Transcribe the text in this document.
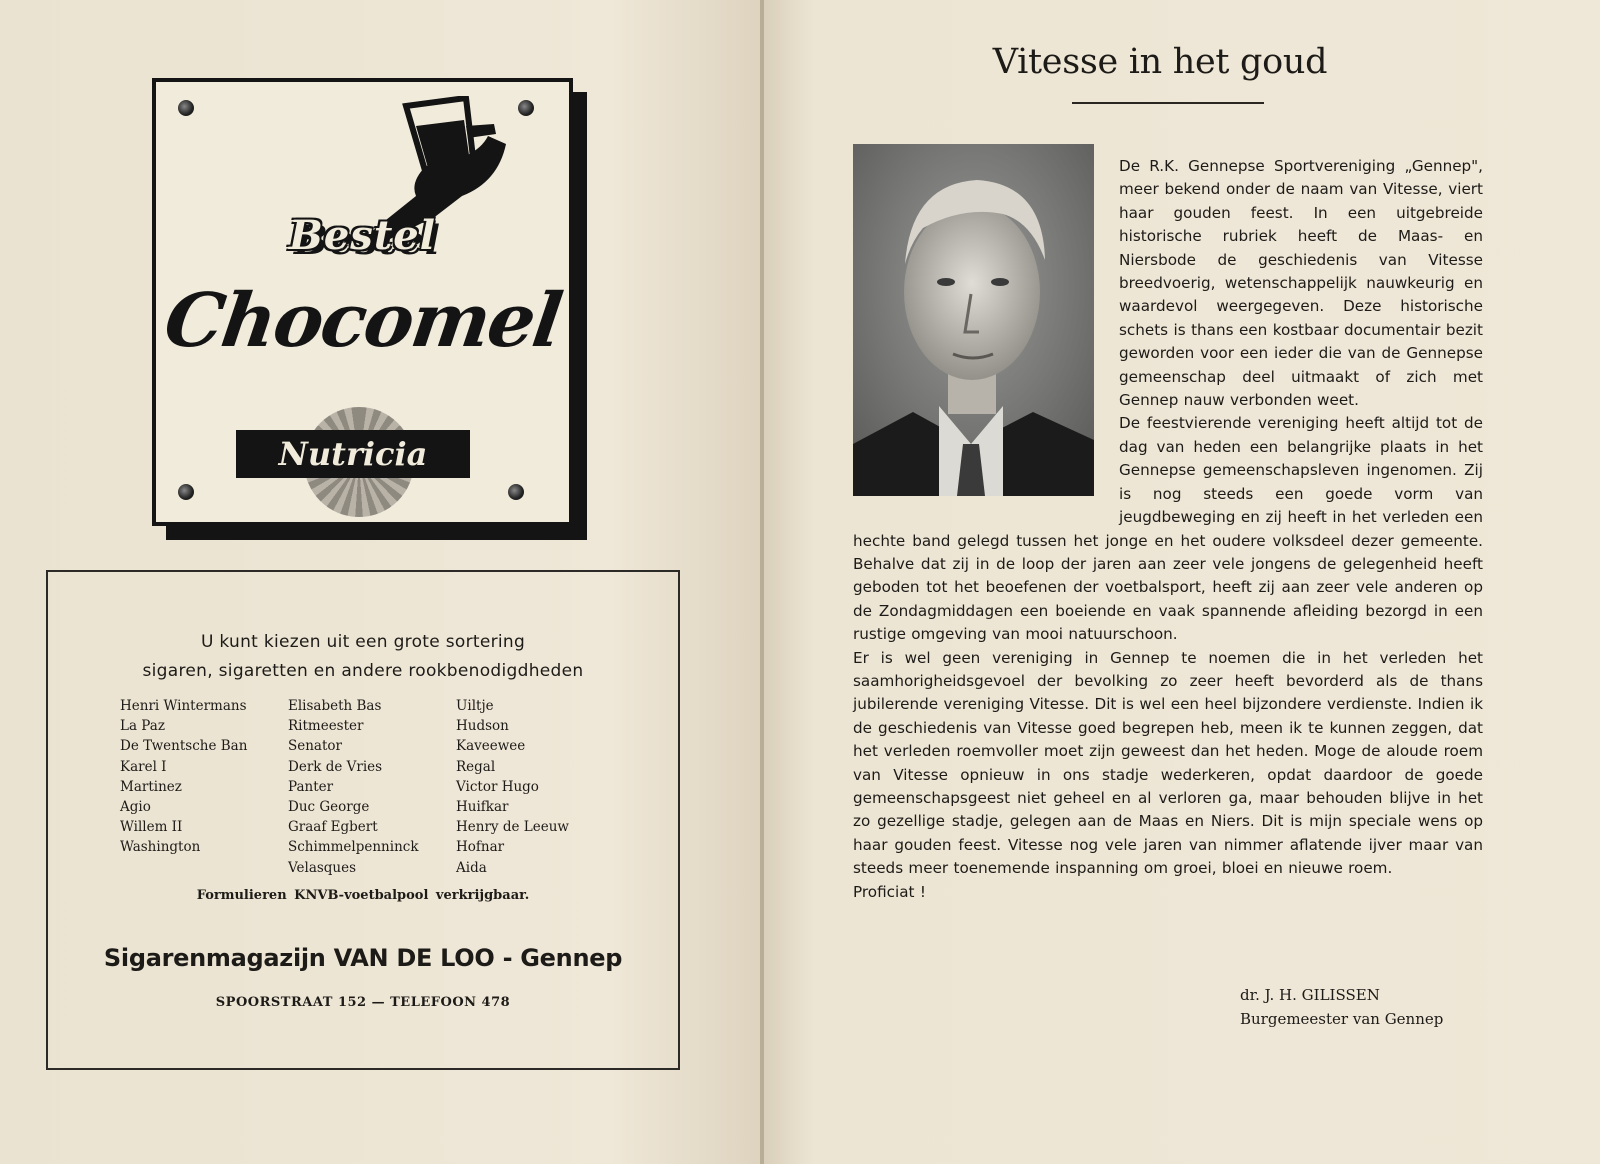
Bestel
Chocomel
Nutricia
U kunt kiezen uit een grote sortering
sigaren, sigaretten en andere rookbenodigdheden
Henri Wintermans
La Paz
De Twentsche Ban
Karel I
Martinez
Agio
Willem II
Washington
Elisabeth Bas
Ritmeester
Senator
Derk de Vries
Panter
Duc George
Graaf Egbert
Schimmelpenninck
Velasques
Uiltje
Hudson
Kaveewee
Regal
Victor Hugo
Huifkar
Henry de Leeuw
Hofnar
Aida
Formulieren KNVB-voetbalpool verkrijgbaar.
Sigarenmagazijn VAN DE LOO - Gennep
SPOORSTRAAT 152 — TELEFOON 478
Vitesse in het goud

De R.K. Gennepse Sportvereniging „Gennep", meer bekend onder de naam van Vitesse, viert haar gouden feest. In een uitgebreide historische rubriek heeft de Maas- en Niersbode de geschiedenis van Vitesse breedvoerig, wetenschappelijk nauwkeurig en waardevol weergegeven. Deze historische schets is thans een kostbaar documentair bezit geworden voor een ieder die van de Gennepse gemeenschap deel uitmaakt of zich met Gennep nauw verbonden weet.

De feestvierende vereniging heeft altijd tot de dag van heden een belangrijke plaats in het Gennepse gemeenschapsleven ingenomen. Zij is nog steeds een goede vorm van jeugdbeweging en zij heeft in het verleden een hechte band gelegd tussen het jonge en het oudere volksdeel dezer gemeente. Behalve dat zij in de loop der jaren aan zeer vele jongens de gelegenheid heeft geboden tot het beoefenen der voetbalsport, heeft zij aan zeer vele anderen op de Zondagmiddagen een boeiende en vaak spannende afleiding bezorgd in een rustige omgeving van mooi natuurschoon.

Er is wel geen vereniging in Gennep te noemen die in het verleden het saamhorigheidsgevoel der bevolking zo zeer heeft bevorderd als de thans jubilerende vereniging Vitesse. Dit is wel een heel bijzondere verdienste. Indien ik de geschiedenis van Vitesse goed begrepen heb, meen ik te kunnen zeggen, dat het verleden roemvoller moet zijn geweest dan het heden. Moge de aloude roem van Vitesse opnieuw in ons stadje wederkeren, opdat daardoor de goede gemeenschapsgeest niet geheel en al verloren ga, maar behouden blijve in het zo gezellige stadje, gelegen aan de Maas en Niers. Dit is mijn speciale wens op haar gouden feest. Vitesse nog vele jaren van nimmer aflatende ijver maar van steeds meer toenemende inspanning om groei, bloei en nieuwe roem.

Proficiat !

dr. J. H. GILISSEN
Burgemeester van Gennep
